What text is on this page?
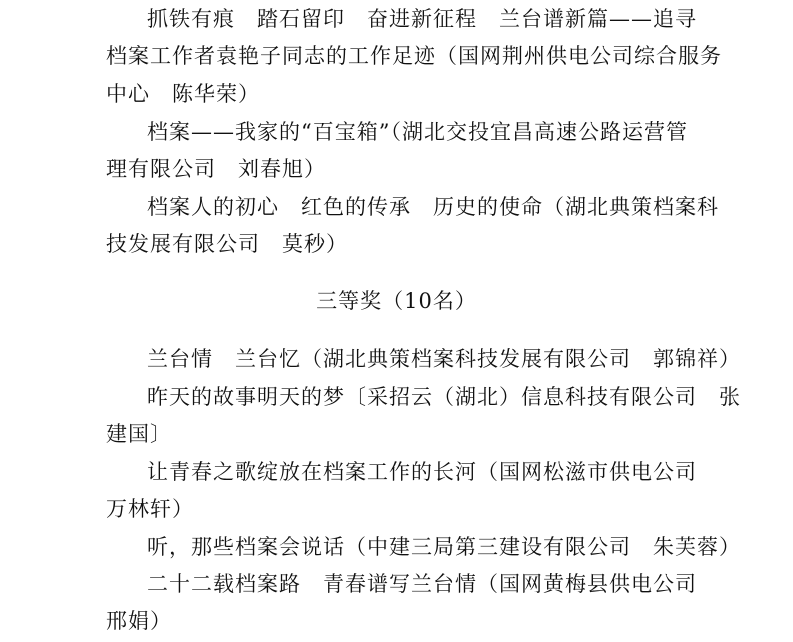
抓铁有痕　踏石留印　奋进新征程　兰台谱新篇——追寻
档案工作者袁艳子同志的工作足迹（国网荆州供电公司综合服务
中心　陈华荣）
档案——我家的“百宝箱”（湖北交投宜昌高速公路运营管
理有限公司　刘春旭）
档案人的初心　红色的传承　历史的使命（湖北典策档案科
技发展有限公司　莫秒）
三等奖（10名）
兰台情　兰台忆（湖北典策档案科技发展有限公司　郭锦祥）
昨天的故事明天的梦〔采招云（湖北）信息科技有限公司　张
建国〕
让青春之歌绽放在档案工作的长河（国网松滋市供电公司
万林轩）
听，那些档案会说话（中建三局第三建设有限公司　朱芙蓉）
二十二载档案路　青春谱写兰台情（国网黄梅县供电公司
邢娟）
